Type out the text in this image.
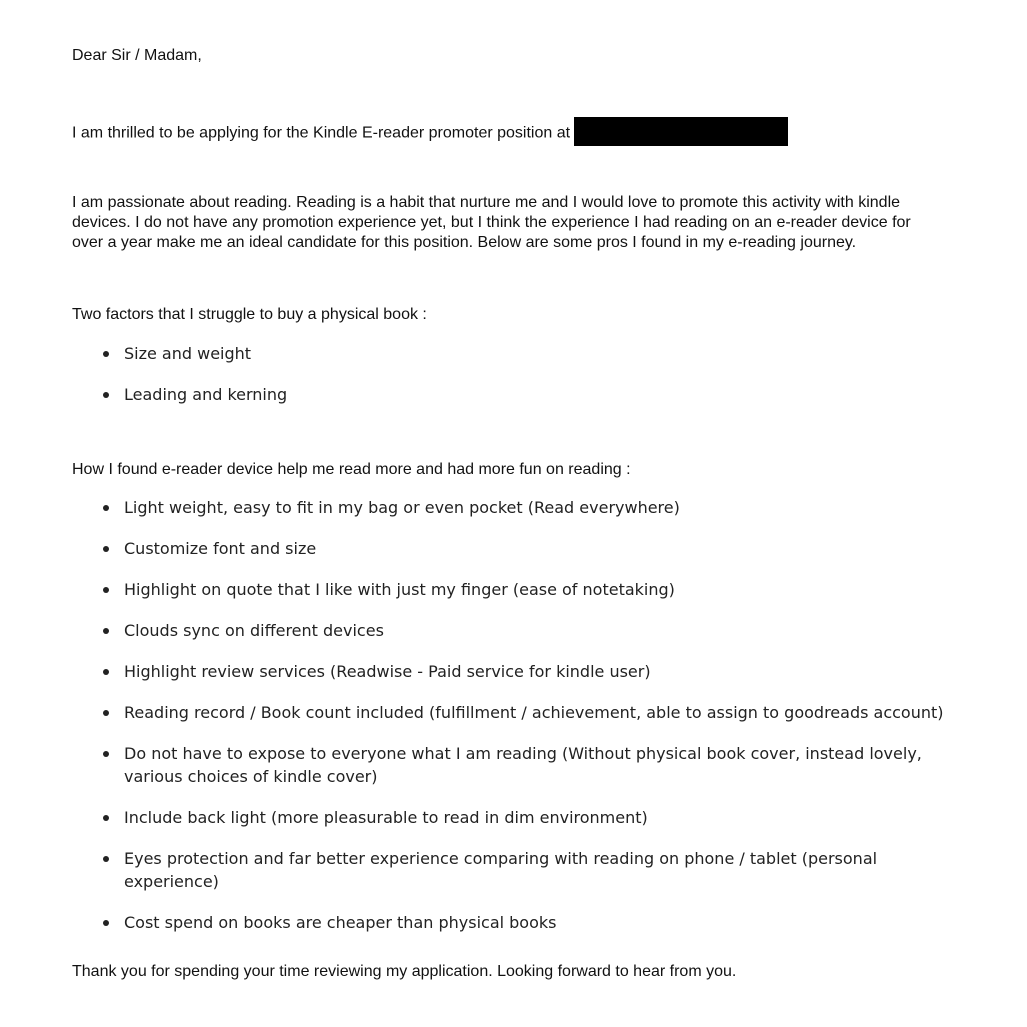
Dear Sir / Madam,

I am thrilled to be applying for the Kindle E-reader promoter position at

I am passionate about reading. Reading is a habit that nurture me and I would love to promote this activity with kindle
devices. I do not have any promotion experience yet, but I think the experience I had reading on an e-reader device for
over a year make me an ideal candidate for this position. Below are some pros I found in my e-reading journey.

Two factors that I struggle to buy a physical book :

Size and weight
Leading and kerning

How I found e-reader device help me read more and had more fun on reading :

Light weight, easy to fit in my bag or even pocket (Read everywhere)
Customize font and size
Highlight on quote that I like with just my finger (ease of notetaking)
Clouds sync on different devices
Highlight review services (Readwise - Paid service for kindle user)
Reading record / Book count included (fulfillment / achievement, able to assign to goodreads account)
Do not have to expose to everyone what I am reading (Without physical book cover, instead lovely, various choices of kindle cover)
Include back light (more pleasurable to read in dim environment)
Eyes protection and far better experience comparing with reading on phone / tablet (personal experience)
Cost spend on books are cheaper than physical books

Thank you for spending your time reviewing my application. Looking forward to hear from you.
